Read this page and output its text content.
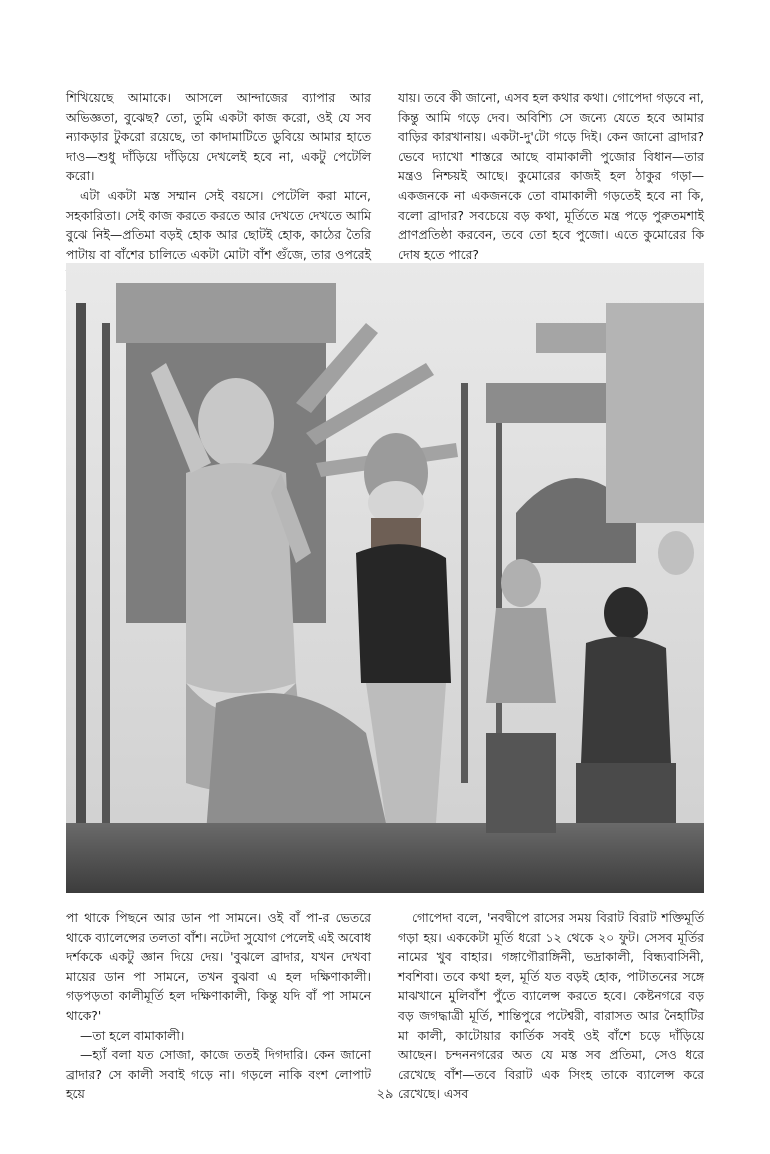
শিখিয়েছে আমাকে। আসলে আন্দাজের ব্যাপার আর অভিজ্ঞতা, বুঝেছ? তো, তুমি একটা কাজ করো, ওই যে সব ন্যাকড়ার টুকরো রয়েছে, তা কাদামাটিতে ডুবিয়ে আমার হাতে দাও—শুধু দাঁড়িয়ে দাঁড়িয়ে দেখলেই হবে না, একটু পেটেলি করো।

এটা একটা মস্ত সম্মান সেই বয়সে। পেটেলি করা মানে, সহকারিতা। সেই কাজ করতে করতে আর দেখতে দেখতে আমি বুঝে নিই—প্রতিমা বড়ই হোক আর ছোটই হোক, কাঠের তৈরি পাটায় বা বাঁশের চালিতে একটা মোটা বাঁশ গুঁজে, তার ওপরেই

যায়। তবে কী জানো, এসব হল কথার কথা। গোপেদা গড়বে না, কিন্তু আমি গড়ে দেব। অবিশ্যি সে জন্যে যেতে হবে আমার বাড়ির কারখানায়। একটা-দু'টো গড়ে দিই। কেন জানো ব্রাদার? ভেবে দ্যাখো শাস্তরে আছে বামাকালী পুজোর বিধান—তার মন্ত্রও নিশ্চয়ই আছে। কুমোরের কাজই হল ঠাকুর গড়া—একজনকে না একজনকে তো বামাকালী গড়তেই হবে না কি, বলো ব্রাদার? সবচেয়ে বড় কথা, মূর্তিতে মন্ত্র পড়ে পুরুতমশাই প্রাণপ্রতিষ্ঠা করবেন, তবে তো হবে পুজো। এতে কুমোরের কি দোষ হতে পারে?

পা থাকে পিছনে আর ডান পা সামনে। ওই বাঁ পা-র ভেতরে থাকে ব্যালেন্সের তলতা বাঁশ। নটেদা সুযোগ পেলেই এই অবোধ দর্শককে একটু জ্ঞান দিয়ে দেয়। 'বুঝলে ব্রাদার, যখন দেখবা মায়ের ডান পা সামনে, তখন বুঝবা এ হল দক্ষিণাকালী। গড়পড়তা কালীমূর্তি হল দক্ষিণাকালী, কিন্তু যদি বাঁ পা সামনে থাকে?'

—তা হলে বামাকালী।

—হ্যাঁ বলা যত সোজা, কাজে ততই দিগদারি। কেন জানো ব্রাদার? সে কালী সবাই গড়ে না। গড়লে নাকি বংশ লোপাট হয়ে

গোপেদা বলে, 'নবদ্বীপে রাসের সময় বিরাট বিরাট শক্তিমূর্তি গড়া হয়। এককেটা মূর্তি ধরো ১২ থেকে ২০ ফুট। সেসব মূর্তির নামের খুব বাহার। গঙ্গাগৌরাঙ্গিনী, ভদ্রাকালী, বিন্ধ্যবাসিনী, শবশিবা। তবে কথা হল, মূর্তি যত বড়ই হোক, পাটাতনের সঙ্গে মাঝখানে মুলিবাঁশ পুঁতে ব্যালেন্স করতে হবে। কেষ্টনগরে বড় বড় জগদ্ধাত্রী মূর্তি, শান্তিপুরে পটেশ্বরী, বারাসত আর নৈহাটির মা কালী, কাটোয়ার কার্তিক সবই ওই বাঁশে চড়ে দাঁড়িয়ে আছেন। চন্দননগরের অত যে মস্ত সব প্রতিমা, সেও ধরে রেখেছে বাঁশ—তবে বিরাট এক সিংহ তাকে ব্যালেন্স করে রেখেছে। এসব

২৯
